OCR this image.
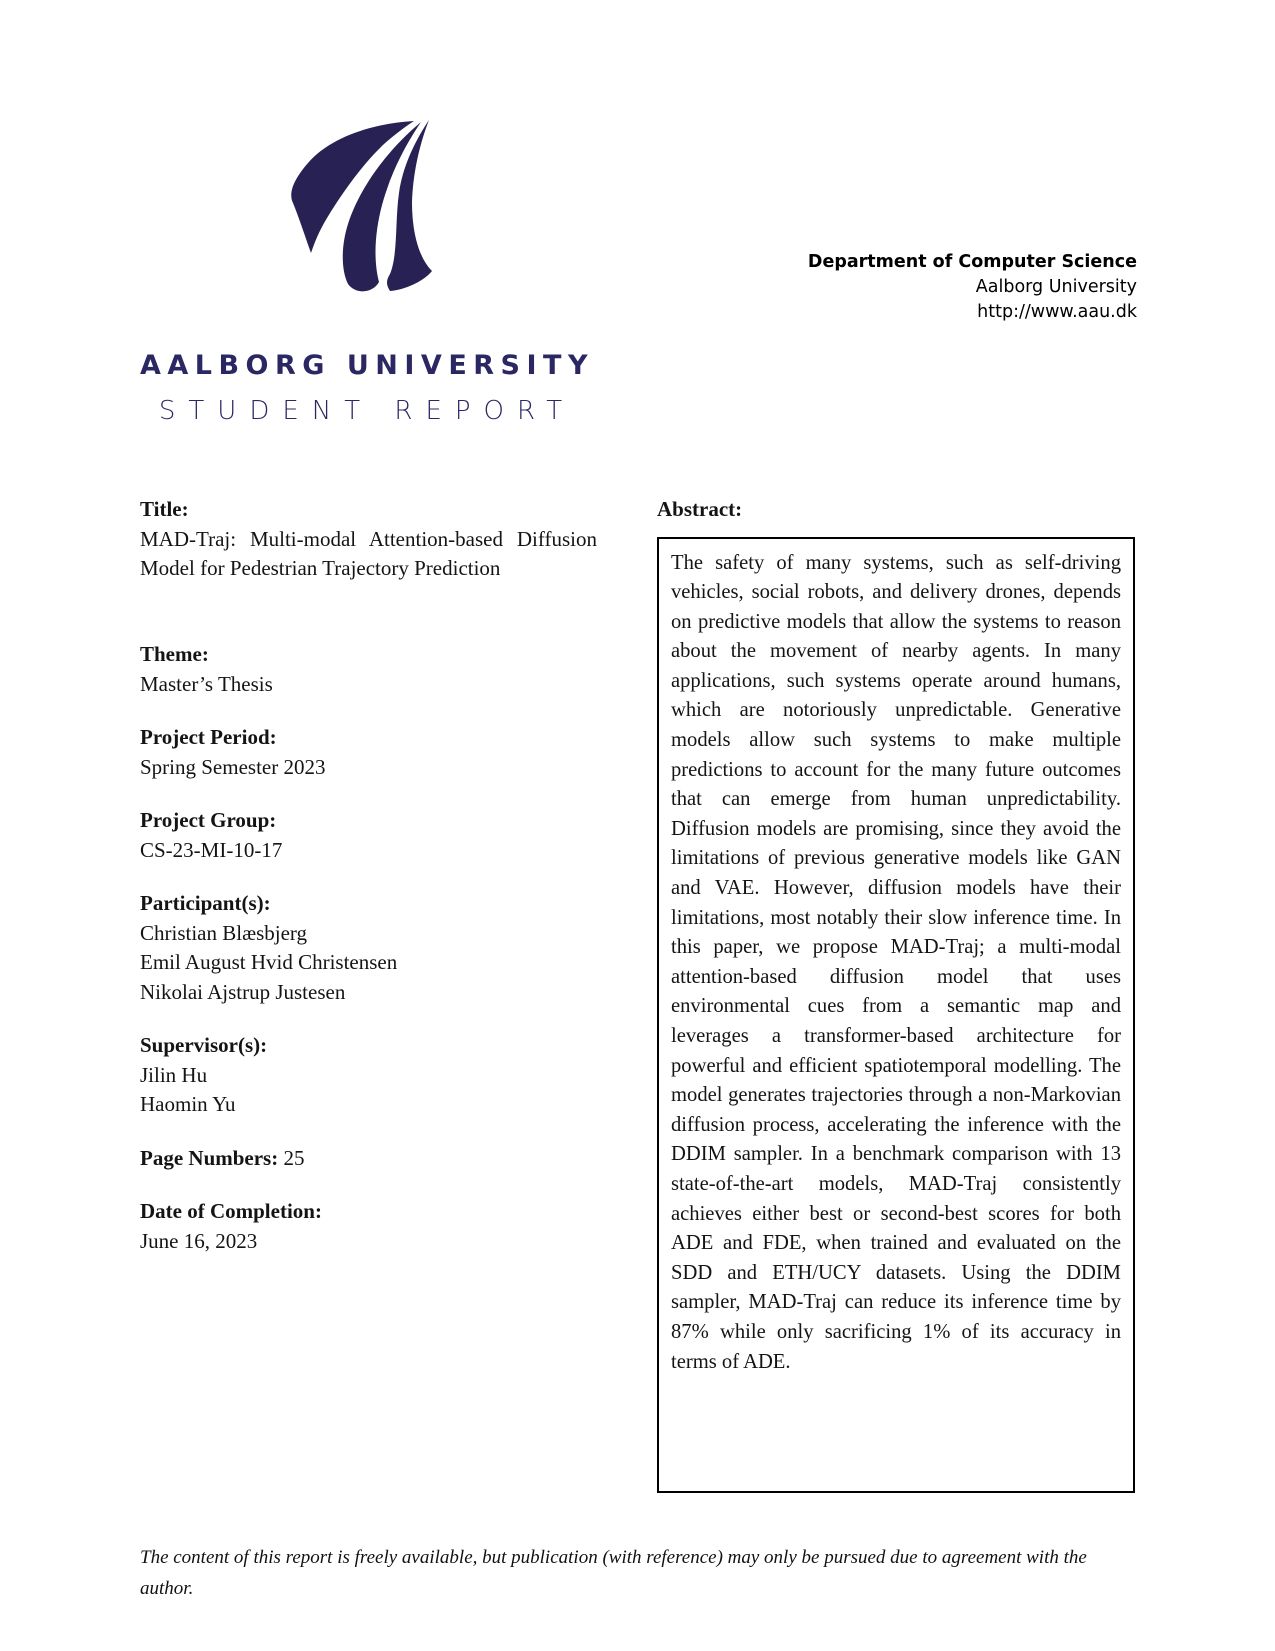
AALBORG UNIVERSITY
STUDENT REPORT
Department of Computer Science
Aalborg University
http://www.aau.dk
Title:
MAD-Traj: Multi-modal Attention-based Diffusion Model for Pedestrian Trajectory Prediction
Theme:
Master’s Thesis
Project Period:
Spring Semester 2023
Project Group:
CS-23-MI-10-17
Participant(s):
Christian Blæsbjerg
Emil August Hvid Christensen
Nikolai Ajstrup Justesen
Supervisor(s):
Jilin Hu
Haomin Yu
Page Numbers: 25
Date of Completion:
June 16, 2023
Abstract:
The safety of many systems, such as self-driving vehicles, social robots, and delivery drones, depends on predictive models that allow the systems to reason about the movement of nearby agents. In many applications, such systems operate around humans, which are notoriously unpredictable. Generative models allow such systems to make multiple predictions to account for the many future outcomes that can emerge from human unpredictability. Diffusion models are promising, since they avoid the limitations of previous generative models like GAN and VAE. However, diffusion models have their limitations, most notably their slow inference time. In this paper, we propose MAD-Traj; a multi-modal attention-based diffusion model that uses environmental cues from a semantic map and leverages a transformer-based architecture for powerful and efficient spatiotemporal modelling. The model generates trajectories through a non-Markovian diffusion process, accelerating the inference with the DDIM sampler. In a benchmark comparison with 13 state-of-the-art models, MAD-Traj consistently achieves either best or second-best scores for both ADE and FDE, when trained and evaluated on the SDD and ETH/UCY datasets. Using the DDIM sampler, MAD-Traj can reduce its inference time by 87% while only sacrificing 1% of its accuracy in terms of ADE.
The content of this report is freely available, but publication (with reference) may only be pursued due to agreement with the author.
